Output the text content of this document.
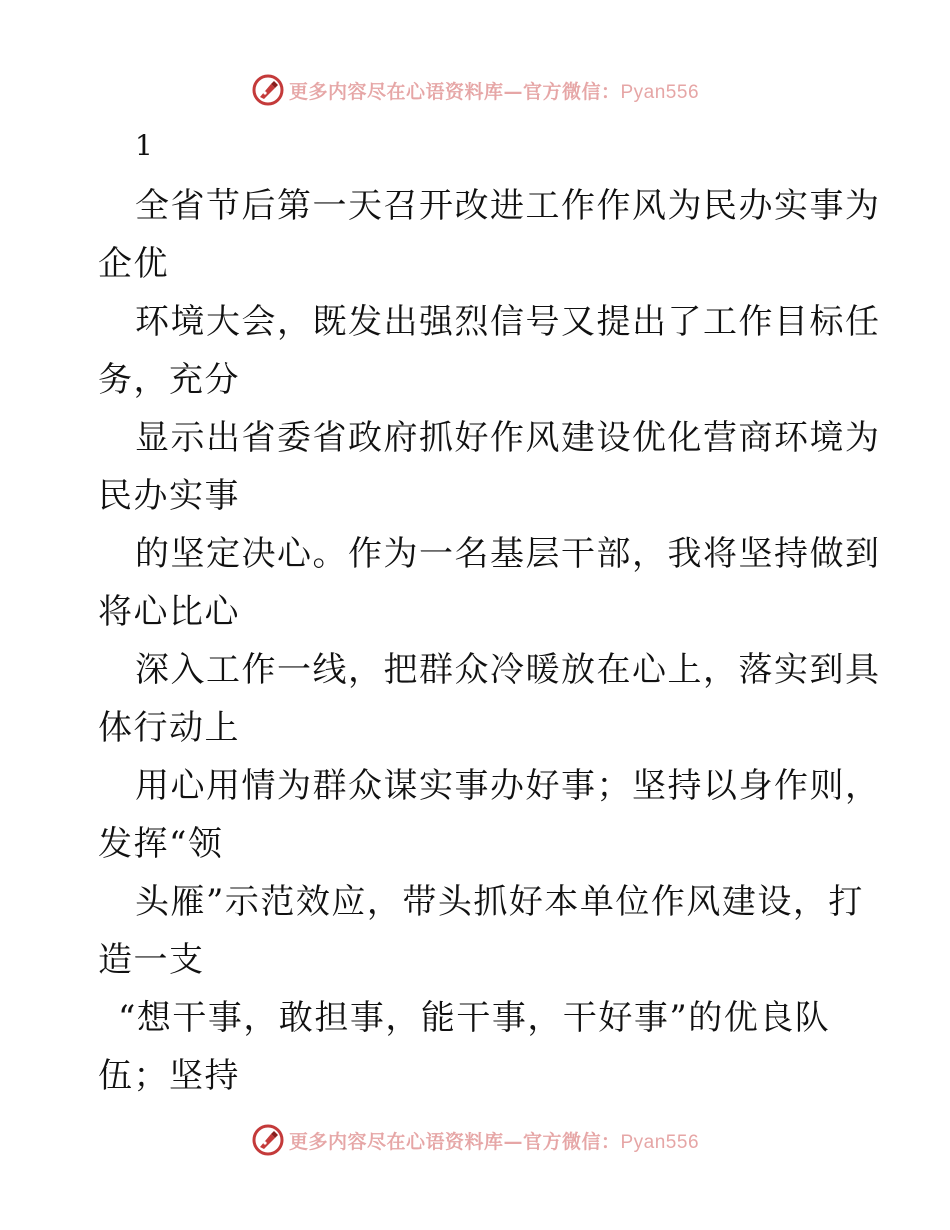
更多内容尽在心语资料库—官方微信：Pyan556
1
全省节后第一天召开改进工作作风为民办实事为
企优
环境大会，既发出强烈信号又提出了工作目标任
务，充分
显示出省委省政府抓好作风建设优化营商环境为
民办实事
的坚定决心。作为一名基层干部，我将坚持做到
将心比心
深入工作一线，把群众冷暖放在心上，落实到具
体行动上
用心用情为群众谋实事办好事；坚持以身作则，
发挥“领
头雁”示范效应，带头抓好本单位作风建设，打
造一支
“想干事，敢担事，能干事，干好事”的优良队
伍；坚持
更多内容尽在心语资料库—官方微信：Pyan556
